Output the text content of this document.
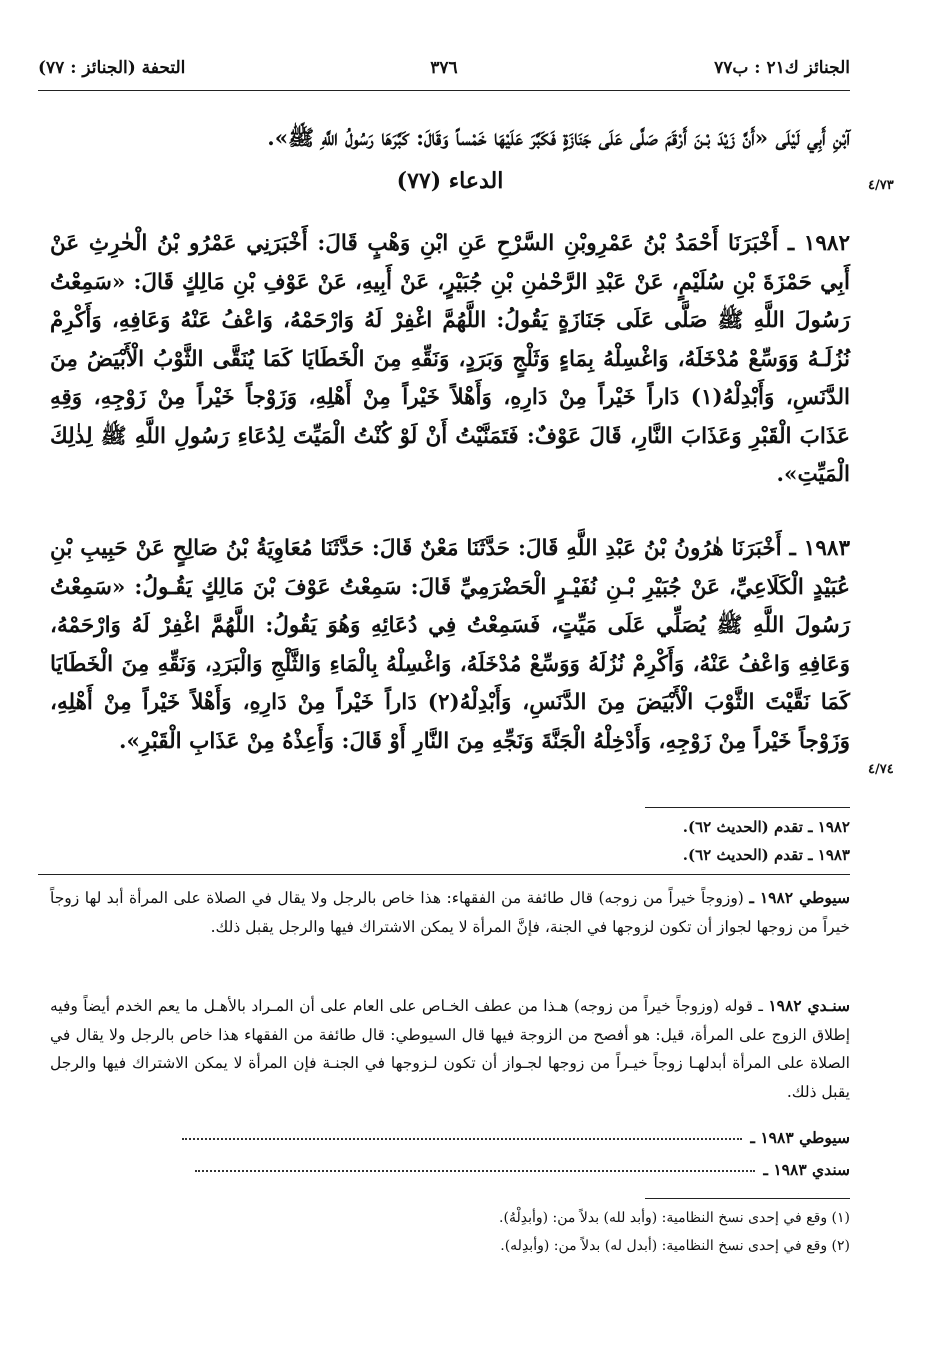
الجنائز ك٢١ : ب٧٧
٣٧٦
التحفة (الجنائز : ٧٧)
آبْنِ أَبِي لَيْلَى «أَنَّ زَيْدَ بْـنَ أَرْقَمَ صَلَّى عَلَى جَنَازَةٍ فَكَبَّرَ عَلَيْهَا خَمْساً وَقَالَ: كَبَّرَهَا رَسُولُ اللَّهِ ﷺ».
٤/٧٣
(٧٧) الدعاء
١٩٨٢ ـ أَخْبَرَنَا أَحْمَدُ بْنُ عَمْرِوبْنِ السَّرْحِ عَنِ ابْنِ وَهْبٍ قَالَ: أَخْبَرَنِي عَمْرُو بْنُ الْحٰرِثِ عَنْ أَبِي حَمْزَةَ بْنِ سُلَيْمٍ، عَنْ عَبْدِ الرَّحْمٰنِ بْنِ جُبَيْرٍ، عَنْ أَبِيهِ، عَنْ عَوْفِ بْنِ مَالِكٍ قَالَ: «سَمِعْتُ رَسُولَ اللَّهِ ﷺ صَلَّى عَلَى جَنَازَةٍ يَقُولُ: اللَّهُمَّ اغْفِرْ لَهُ وَارْحَمْهُ، وَاعْفُ عَنْهُ وَعَافِهِ، وَأَكْرِمْ نُزُلَـهُ وَوَسِّعْ مُدْخَلَهُ، وَاغْسِلْهُ بِمَاءٍ وَثَلْجٍ وَبَرَدٍ، وَنَقِّهِ مِنَ الْخَطَايَا كَمَا يُنَقَّى الثَّوْبُ الْأَبْيَضُ مِنَ الدَّنَسِ، وَأَبْدِلْهُ(١) دَاراً خَيْراً مِنْ دَارِهِ، وَأَهْلاً خَيْراً مِنْ أَهْلِهِ، وَزَوْجاً خَيْراً مِنْ زَوْجِهِ، وَقِهِ عَذَابَ الْقَبْرِ وَعَذَابَ النَّارِ، قَالَ عَوْفٌ: فَتَمَنَّيْتُ أَنْ لَوْ كُنْتُ الْمَيِّتَ لِدُعَاءِ رَسُولِ اللَّهِ ﷺ لِذٰلِكَ الْمَيِّتِ».
١٩٨٣ ـ أَخْبَرَنَا هٰرُونُ بْنُ عَبْدِ اللَّهِ قَالَ: حَدَّثَنَا مَعْنٌ قَالَ: حَدَّثَنَا مُعَاوِيَةُ بْنُ صَالِحٍ عَنْ حَبِيبِ بْنِ عُبَيْدٍ الْكَلَاعِيِّ، عَنْ جُبَيْرِ بْـنِ نُفَيْـرٍ الْحَضْرَمِيِّ قَالَ: سَمِعْتُ عَوْفَ بْنَ مَالِكٍ يَقُـولُ: «سَمِعْتُ رَسُولَ اللَّهِ ﷺ يُصَلِّي عَلَى مَيِّتٍ، فَسَمِعْتُ فِي دُعَائِهِ وَهُوَ يَقُولُ: اللَّهُمَّ اغْفِرْ لَهُ وَارْحَمْهُ، وَعَافِهِ وَاعْفُ عَنْهُ، وَأَكْرِمْ نُزُلَهُ وَوَسِّعْ مُدْخَلَهُ، وَاغْسِلْهُ بِالْمَاءِ وَالثَّلْجِ وَالْبَرَدِ، وَنَقِّهِ مِنَ الْخَطَايَا كَمَا نَقَّيْتَ الثَّوْبَ الْأَبْيَضَ مِنَ الدَّنَسِ، وَأَبْدِلْهُ(٢) دَاراً خَيْراً مِنْ دَارِهِ، وَأَهْلاً خَيْراً مِنْ أَهْلِهِ، وَزَوْجاً خَيْراً مِنْ زَوْجِهِ، وَأَدْخِلْهُ الْجَنَّةَ وَنَجِّهِ مِنَ النَّارِ أَوْ قَالَ: وَأَعِذْهُ مِنْ عَذَابِ الْقَبْرِ».
٤/٧٤
١٩٨٢ ـ تقدم (الحديث ٦٢).
١٩٨٣ ـ تقدم (الحديث ٦٢).
سيوطي ١٩٨٢ ـ (وزوجاً خيراً من زوجه) قال طائفة من الفقهاء: هذا خاص بالرجل ولا يقال في الصلاة على المرأة أبد لها زوجاً خيراً من زوجها لجواز أن تكون لزوجها في الجنة، فإنَّ المرأة لا يمكن الاشتراك فيها والرجل يقبل ذلك.
سنـدي ١٩٨٢ ـ قوله (وزوجاً خيراً من زوجه) هـذا من عطف الخـاص على العام على أن المـراد بالأهـل ما يعم الخدم أيضاً وفيه إطلاق الزوج على المرأة، قيل: هو أفصح من الزوجة فيها قال السيوطي: قال طائفة من الفقهاء هذا خاص بالرجل ولا يقال في الصلاة على المرأة أبدلهـا زوجاً خيـراً من زوجها لجـواز أن تكون لـزوجها في الجنـة فإن المرأة لا يمكن الاشتراك فيها والرجل يقبل ذلك.
سيوطي ١٩٨٣ ـ
سندي ١٩٨٣ ـ
(١) وقع في إحدى نسخ النظامية: (وأبد لله) بدلاً من: (وأبدِلْهُ).
(٢) وقع في إحدى نسخ النظامية: (أبدل له) بدلاً من: (وأبدِله).
